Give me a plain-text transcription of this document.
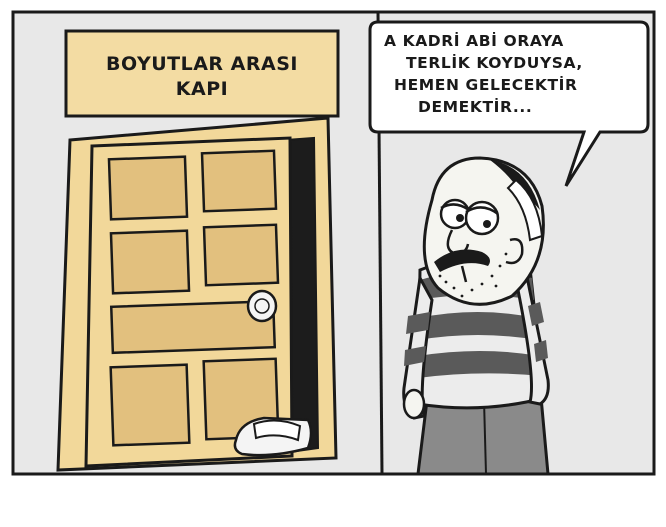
BOYUTLAR ARASI
KAPI
A KADRİ ABİ ORAYA
TERLİK KOYDUYSA,
HEMEN GELECEKTİR
DEMEKTİR...
